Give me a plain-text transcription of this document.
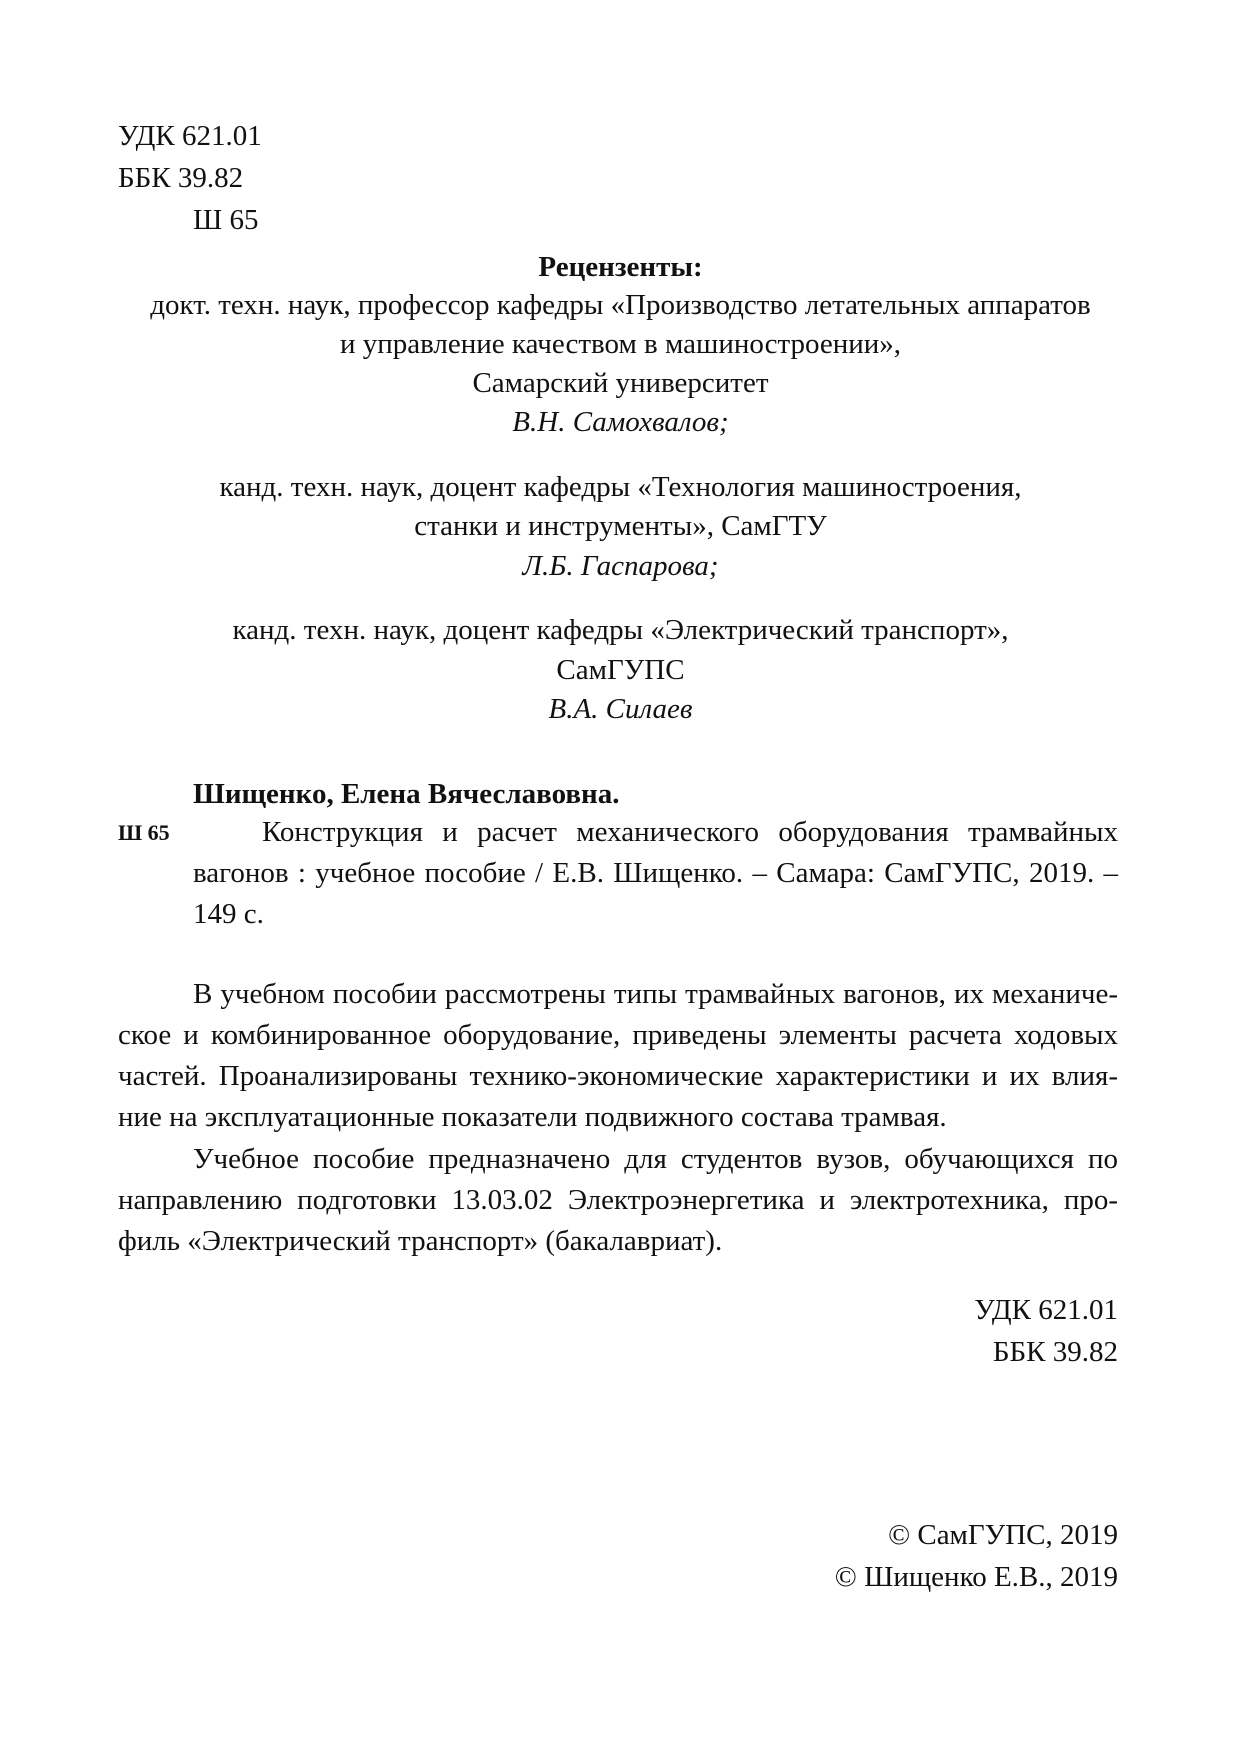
УДК 621.01

ББК 39.82

Ш 65

Рецензенты:

докт. техн. наук, профессор кафедры «Производство летательных аппаратов

и управление качеством в машиностроении»,

Самарский университет

В.Н. Самохвалов;

канд. техн. наук, доцент кафедры «Технология машиностроения,

станки и инструменты», СамГТУ

Л.Б. Гаспарова;

канд. техн. наук, доцент кафедры «Электрический транспорт»,

СамГУПС

В.А. Силаев

Шищенко, Елена Вячеславовна.

Ш 65	Конструкция и расчет механического оборудования трамвайных
вагонов : учебное пособие / Е.В. Шищенко. – Самара: СамГУПС, 2019. –

149 с.

В учебном пособии рассмотрены типы трамвайных вагонов, их механиче-
ское и комбинированное оборудование, приведены элементы расчета ходовых
частей. Проанализированы технико-экономические характеристики и их влия-
ние на эксплуатационные показатели подвижного состава трамвая.
Учебное пособие предназначено для студентов вузов, обучающихся по
направлению подготовки 13.03.02 Электроэнергетика и электротехника, про-
филь «Электрический транспорт» (бакалавриат).

УДК 621.01

ББК 39.82

© СамГУПС, 2019

© Шищенко Е.В., 2019
